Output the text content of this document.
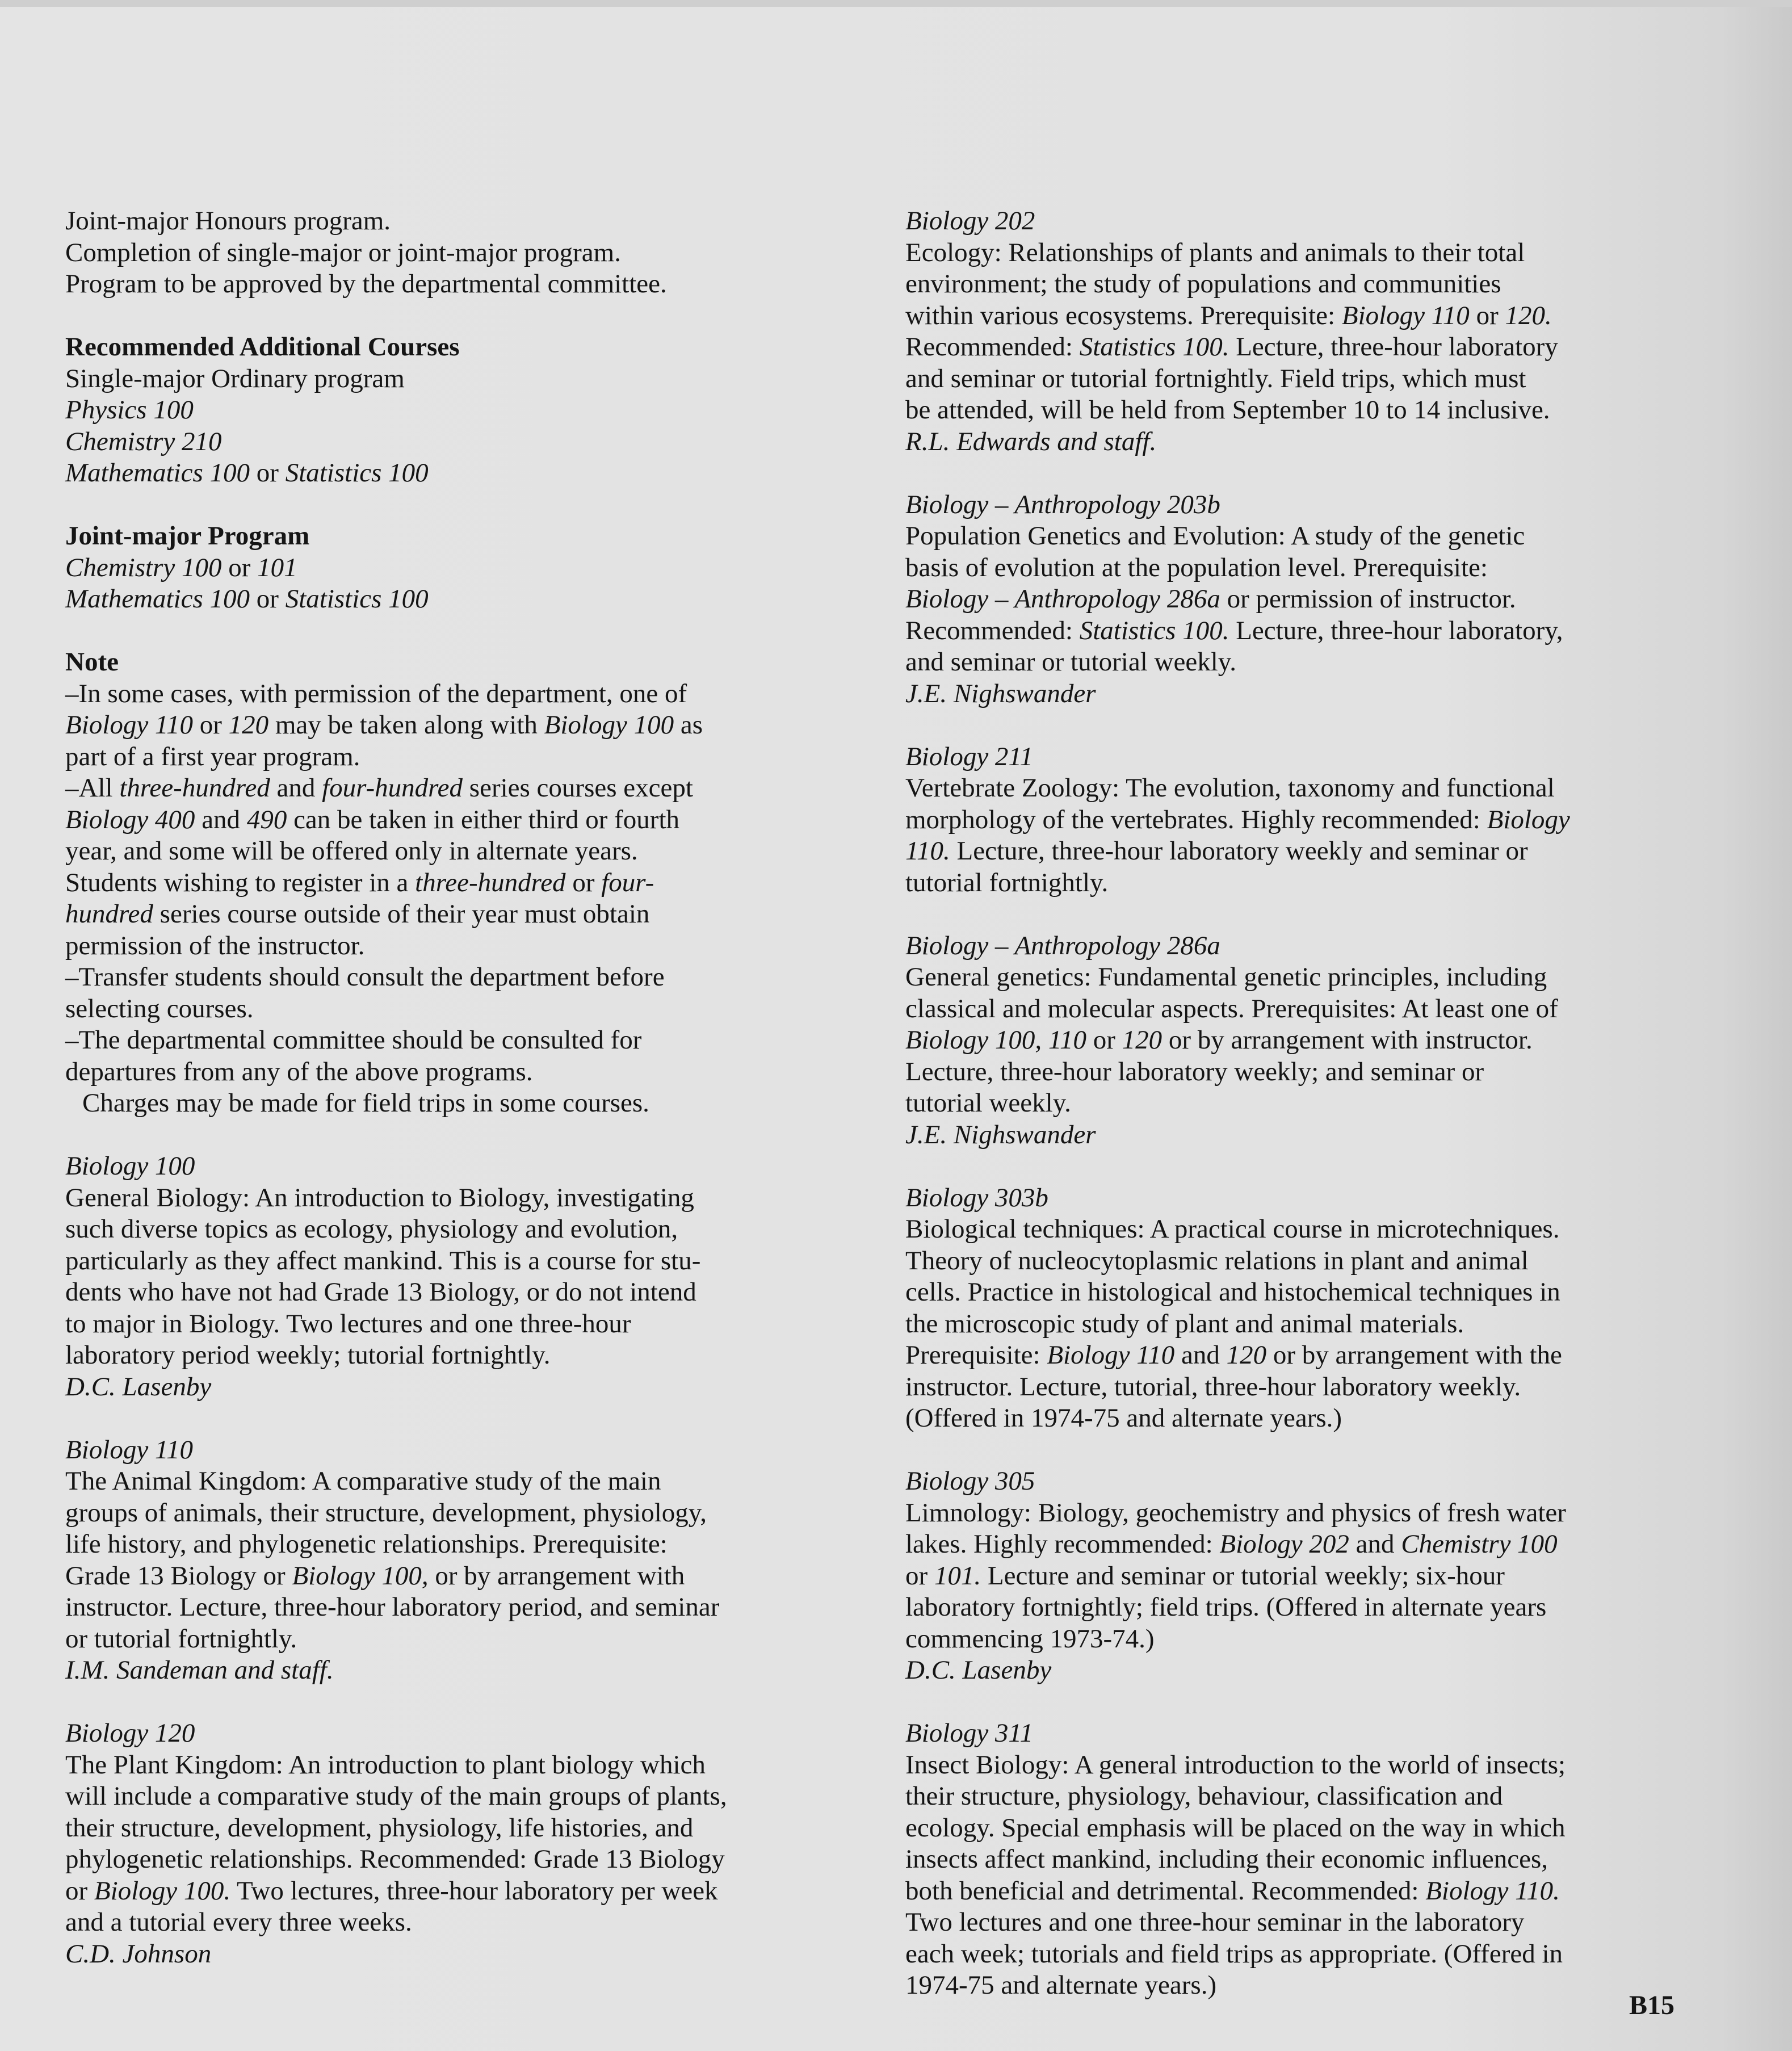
Joint-major Honours program.
Completion of single-major or joint-major program.
Program to be approved by the departmental committee.
Recommended Additional Courses
Single-major Ordinary program
Physics 100
Chemistry 210
Mathematics 100 or Statistics 100
Joint-major Program
Chemistry 100 or 101
Mathematics 100 or Statistics 100
Note
–In some cases, with permission of the department, one of
Biology 110 or 120 may be taken along with Biology 100 as
part of a first year program.
–All three-hundred and four-hundred series courses except
Biology 400 and 490 can be taken in either third or fourth
year, and some will be offered only in alternate years.
Students wishing to register in a three-hundred or four-
hundred series course outside of their year must obtain
permission of the instructor.
–Transfer students should consult the department before
selecting courses.
–The departmental committee should be consulted for
departures from any of the above programs.
Charges may be made for field trips in some courses.
Biology 100
General Biology: An introduction to Biology, investigating
such diverse topics as ecology, physiology and evolution,
particularly as they affect mankind. This is a course for stu-
dents who have not had Grade 13 Biology, or do not intend
to major in Biology. Two lectures and one three-hour
laboratory period weekly; tutorial fortnightly.
D.C. Lasenby
Biology 110
The Animal Kingdom: A comparative study of the main
groups of animals, their structure, development, physiology,
life history, and phylogenetic relationships. Prerequisite:
Grade 13 Biology or Biology 100, or by arrangement with
instructor. Lecture, three-hour laboratory period, and seminar
or tutorial fortnightly.
I.M. Sandeman and staff.
Biology 120
The Plant Kingdom: An introduction to plant biology which
will include a comparative study of the main groups of plants,
their structure, development, physiology, life histories, and
phylogenetic relationships. Recommended: Grade 13 Biology
or Biology 100. Two lectures, three-hour laboratory per week
and a tutorial every three weeks.
C.D. Johnson
Biology 202
Ecology: Relationships of plants and animals to their total
environment; the study of populations and communities
within various ecosystems. Prerequisite: Biology 110 or 120.
Recommended: Statistics 100. Lecture, three-hour laboratory
and seminar or tutorial fortnightly. Field trips, which must
be attended, will be held from September 10 to 14 inclusive.
R.L. Edwards and staff.
Biology – Anthropology 203b
Population Genetics and Evolution: A study of the genetic
basis of evolution at the population level. Prerequisite:
Biology – Anthropology 286a or permission of instructor.
Recommended: Statistics 100. Lecture, three-hour laboratory,
and seminar or tutorial weekly.
J.E. Nighswander
Biology 211
Vertebrate Zoology: The evolution, taxonomy and functional
morphology of the vertebrates. Highly recommended: Biology
110. Lecture, three-hour laboratory weekly and seminar or
tutorial fortnightly.
Biology – Anthropology 286a
General genetics: Fundamental genetic principles, including
classical and molecular aspects. Prerequisites: At least one of
Biology 100, 110 or 120 or by arrangement with instructor.
Lecture, three-hour laboratory weekly; and seminar or
tutorial weekly.
J.E. Nighswander
Biology 303b
Biological techniques: A practical course in microtechniques.
Theory of nucleocytoplasmic relations in plant and animal
cells. Practice in histological and histochemical techniques in
the microscopic study of plant and animal materials.
Prerequisite: Biology 110 and 120 or by arrangement with the
instructor. Lecture, tutorial, three-hour laboratory weekly.
(Offered in 1974-75 and alternate years.)
Biology 305
Limnology: Biology, geochemistry and physics of fresh water
lakes. Highly recommended: Biology 202 and Chemistry 100
or 101. Lecture and seminar or tutorial weekly; six-hour
laboratory fortnightly; field trips. (Offered in alternate years
commencing 1973-74.)
D.C. Lasenby
Biology 311
Insect Biology: A general introduction to the world of insects;
their structure, physiology, behaviour, classification and
ecology. Special emphasis will be placed on the way in which
insects affect mankind, including their economic influences,
both beneficial and detrimental. Recommended: Biology 110.
Two lectures and one three-hour seminar in the laboratory
each week; tutorials and field trips as appropriate. (Offered in
1974-75 and alternate years.)
B15
